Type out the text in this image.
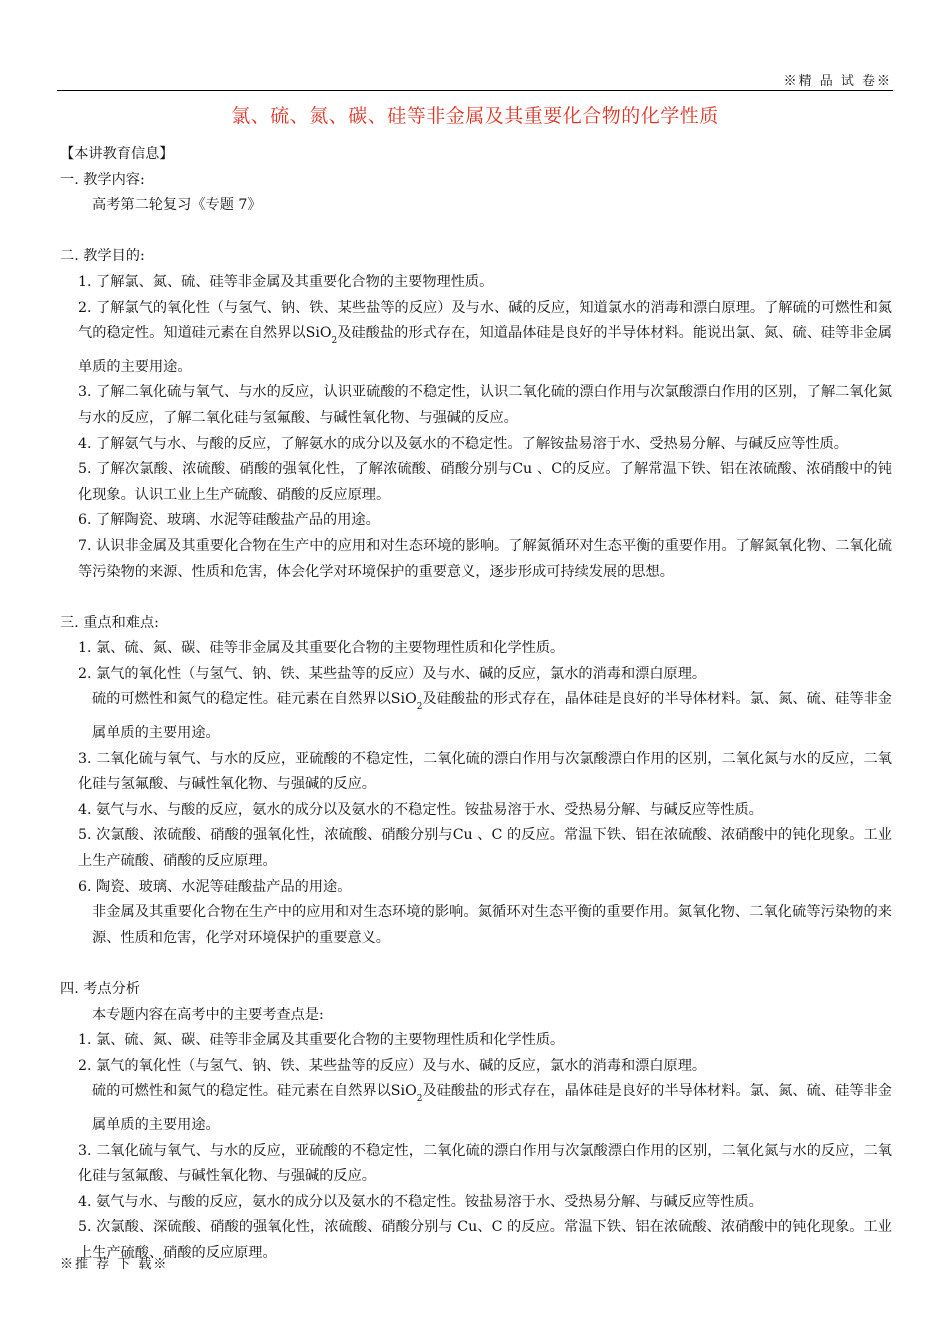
※精 品 试 卷※
氯、硫、氮、碳、硅等非金属及其重要化合物的化学性质
【本讲教育信息】
一. 教学内容:
高考第二轮复习《专题 7》
二. 教学目的:
1. 了解氯、氮、硫、硅等非金属及其重要化合物的主要物理性质。
2. 了解氯气的氧化性（与氢气、钠、铁、某些盐等的反应）及与水、碱的反应，知道氯水的消毒和漂白原理。了解硫的可燃性和氮气的稳定性。知道硅元素在自然界以SiO$_2$及硅酸盐的形式存在，知道晶体硅是良好的半导体材料。能说出氯、氮、硫、硅等非金属单质的主要用途。
3. 了解二氧化硫与氧气、与水的反应，认识亚硫酸的不稳定性，认识二氧化硫的漂白作用与次氯酸漂白作用的区别，了解二氧化氮与水的反应，了解二氧化硅与氢氟酸、与碱性氧化物、与强碱的反应。
4. 了解氨气与水、与酸的反应，了解氨水的成分以及氨水的不稳定性。了解铵盐易溶于水、受热易分解、与碱反应等性质。
5. 了解次氯酸、浓硫酸、硝酸的强氧化性，了解浓硫酸、硝酸分别与Cu 、C的反应。了解常温下铁、铝在浓硫酸、浓硝酸中的钝化现象。认识工业上生产硫酸、硝酸的反应原理。
6. 了解陶瓷、玻璃、水泥等硅酸盐产品的用途。
7. 认识非金属及其重要化合物在生产中的应用和对生态环境的影响。了解氮循环对生态平衡的重要作用。了解氮氧化物、二氧化硫等污染物的来源、性质和危害，体会化学对环境保护的重要意义，逐步形成可持续发展的思想。
三. 重点和难点:
1. 氯、硫、氮、碳、硅等非金属及其重要化合物的主要物理性质和化学性质。
2. 氯气的氧化性（与氢气、钠、铁、某些盐等的反应）及与水、碱的反应，氯水的消毒和漂白原理。
硫的可燃性和氮气的稳定性。硅元素在自然界以SiO$_2$及硅酸盐的形式存在，晶体硅是良好的半导体材料。氯、氮、硫、硅等非金属单质的主要用途。
3. 二氧化硫与氧气、与水的反应，亚硫酸的不稳定性，二氧化硫的漂白作用与次氯酸漂白作用的区别，二氧化氮与水的反应，二氧化硅与氢氟酸、与碱性氧化物、与强碱的反应。
4. 氨气与水、与酸的反应，氨水的成分以及氨水的不稳定性。铵盐易溶于水、受热易分解、与碱反应等性质。
5. 次氯酸、浓硫酸、硝酸的强氧化性，浓硫酸、硝酸分别与Cu 、C 的反应。常温下铁、铝在浓硫酸、浓硝酸中的钝化现象。工业上生产硫酸、硝酸的反应原理。
6. 陶瓷、玻璃、水泥等硅酸盐产品的用途。
非金属及其重要化合物在生产中的应用和对生态环境的影响。氮循环对生态平衡的重要作用。氮氧化物、二氧化硫等污染物的来源、性质和危害，化学对环境保护的重要意义。
四. 考点分析
本专题内容在高考中的主要考查点是:
1. 氯、硫、氮、碳、硅等非金属及其重要化合物的主要物理性质和化学性质。
2. 氯气的氧化性（与氢气、钠、铁、某些盐等的反应）及与水、碱的反应，氯水的消毒和漂白原理。
硫的可燃性和氮气的稳定性。硅元素在自然界以SiO$_2$及硅酸盐的形式存在，晶体硅是良好的半导体材料。氯、氮、硫、硅等非金属单质的主要用途。
3. 二氧化硫与氧气、与水的反应，亚硫酸的不稳定性，二氧化硫的漂白作用与次氯酸漂白作用的区别，二氧化氮与水的反应，二氧化硅与氢氟酸、与碱性氧化物、与强碱的反应。
4. 氨气与水、与酸的反应，氨水的成分以及氨水的不稳定性。铵盐易溶于水、受热易分解、与碱反应等性质。
5. 次氯酸、深硫酸、硝酸的强氧化性，浓硫酸、硝酸分别与 Cu、C 的反应。常温下铁、铝在浓硫酸、浓硝酸中的钝化现象。工业上生产硫酸、硝酸的反应原理。
※推 荐 下 载※
